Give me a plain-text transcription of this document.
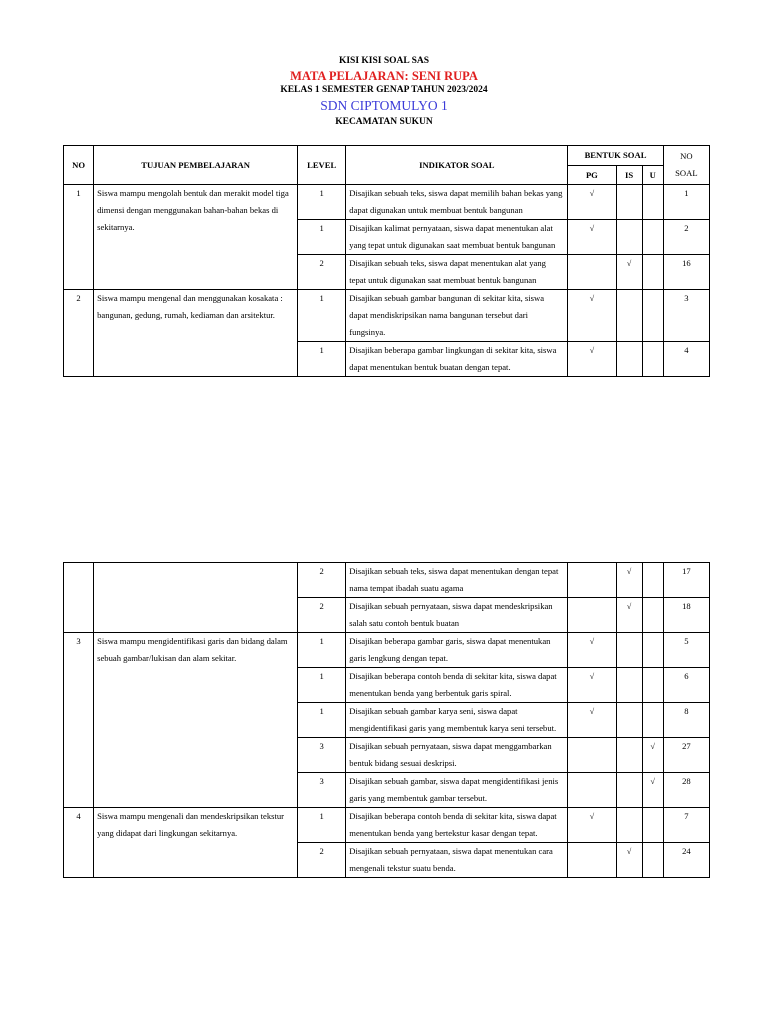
KISI KISI SOAL SAS
MATA PELAJARAN: SENI RUPA
KELAS 1 SEMESTER GENAP TAHUN 2023/2024
SDN CIPTOMULYO 1
KECAMATAN SUKUN
NO	TUJUAN PEMBELAJARAN	LEVEL	INDIKATOR SOAL	BENTUK SOAL			NO
SOAL
				PG	IS	U	
1	Siswa mampu mengolah bentuk dan merakit model tiga dimensi dengan menggunakan bahan-bahan bekas di sekitarnya.	1	Disajikan sebuah teks, siswa dapat memilih bahan bekas yang dapat digunakan untuk membuat bentuk bangunan	√			1
		1	Disajikan kalimat pernyataan, siswa dapat menentukan alat yang tepat untuk digunakan saat membuat bentuk bangunan	√			2
		2	Disajikan sebuah teks, siswa dapat menentukan alat yang tepat untuk digunakan saat membuat bentuk bangunan		√		16
2	Siswa mampu mengenal dan menggunakan kosakata : bangunan, gedung, rumah, kediaman dan arsitektur.	1	Disajikan sebuah gambar bangunan di sekitar kita, siswa dapat mendiskripsikan nama bangunan tersebut dari fungsinya.	√			3
		1	Disajikan beberapa gambar lingkungan di sekitar kita, siswa dapat menentukan bentuk buatan dengan tepat.	√			4
		2	Disajikan sebuah teks, siswa dapat menentukan dengan tepat nama tempat ibadah suatu agama		√		17
		2	Disajikan sebuah pernyataan, siswa dapat mendeskripsikan salah satu contoh bentuk buatan		√		18
3	Siswa mampu mengidentifikasi garis dan bidang dalam sebuah gambar/lukisan dan alam sekitar.	1	Disajikan beberapa gambar garis, siswa dapat menentukan garis lengkung dengan tepat.	√			5
		1	Disajikan beberapa contoh benda di sekitar kita, siswa dapat menentukan benda yang berbentuk garis spiral.	√			6
		1	Disajikan sebuah gambar karya seni, siswa dapat mengidentifikasi garis yang membentuk karya seni tersebut.	√			8
		3	Disajikan sebuah pernyataan, siswa dapat menggambarkan bentuk bidang sesuai deskripsi.			√	27
		3	Disajikan sebuah gambar, siswa dapat mengidentifikasi jenis garis yang membentuk gambar tersebut.			√	28
4	Siswa mampu mengenali dan mendeskripsikan tekstur yang didapat dari lingkungan sekitarnya.	1	Disajikan beberapa contoh benda di sekitar kita, siswa dapat menentukan benda yang bertekstur kasar dengan tepat.	√			7
		2	Disajikan sebuah pernyataan, siswa dapat menentukan cara mengenali tekstur suatu benda.		√		24
